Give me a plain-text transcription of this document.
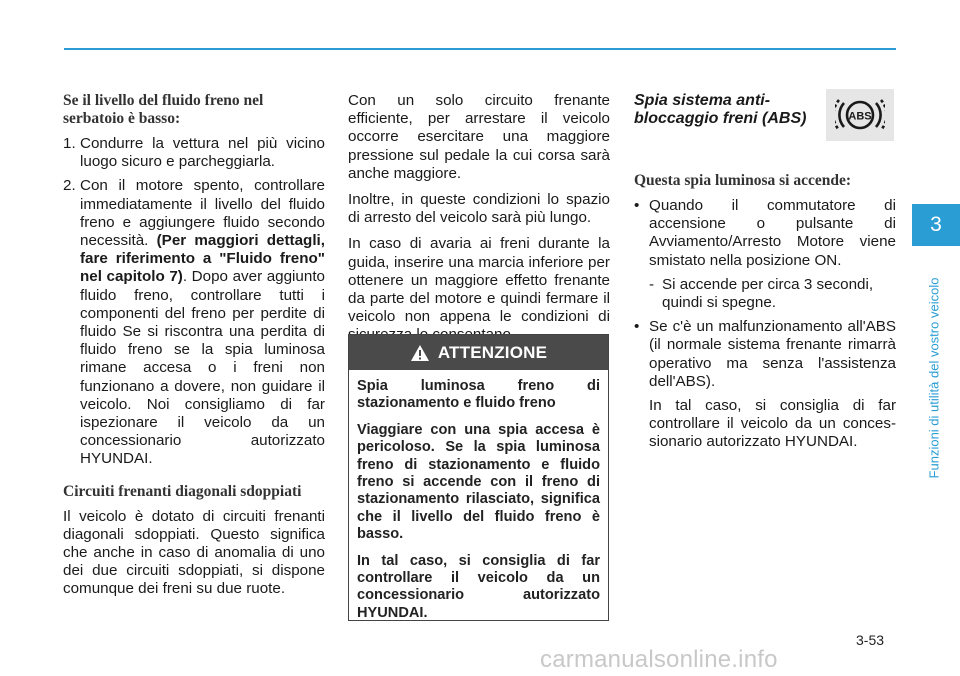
Se il livello del fluido freno nel serbatoio è basso:
1. Condurre la vettura nel più vicino luogo sicuro e parcheggiarla.
2. Con il motore spento, controllare immediatamente il livello del fluido freno e aggiungere fluido secondo necessità. (Per maggiori dettagli, fare riferimento a "Fluido freno" nel capitolo 7). Dopo aver aggiunto fluido freno, controllare tutti i componenti del freno per perdite di fluido Se si riscontra una perdita di fluido freno se la spia luminosa rimane accesa o i freni non funzionano a dovere, non guidare il veicolo. Noi consigliamo di far ispezionare il veicolo da un concessionario autorizzato HYUNDAI.
Circuiti frenanti diagonali sdoppiati

Il veicolo è dotato di circuiti frenanti diagonali sdoppiati. Questo significa che anche in caso di anomalia di uno dei due circuiti sdoppiati, si dispone comunque dei freni su due ruote.

Con un solo circuito frenante efficiente, per arrestare il veicolo occorre esercitare una maggiore pressione sul pedale la cui corsa sarà anche maggiore.

Inoltre, in queste condizioni lo spazio di arresto del veicolo sarà più lungo.

In caso di avaria ai freni durante la guida, inserire una marcia inferiore per ottenere un maggiore effetto frenante da parte del motore e quindi fermare il veicolo non appena le condizioni di

ATTENZIONE

Spia luminosa freno di stazionamento e fluido freno

Viaggiare con una spia accesa è pericoloso. Se la spia luminosa freno di stazionamento e fluido freno si accende con il freno di stazionamento rilasciato, significa che il livello del fluido freno è basso.

In tal caso, si consiglia di far controllare il veicolo da un concessionario autorizzato HYUNDAI.

Spia sistema anti-bloccaggio freni (ABS)
Questa spia luminosa si accende:
• Quando il commutatore di accensione o pulsante di Avviamento/Arresto Motore viene smistato nella posizione ON.
- Si accende per circa 3 secondi, quindi si spegne.
• Se c'è un malfunzionamento all'ABS (il normale sistema frenante rimarrà operativo ma senza l'assistenza dell'ABS).

In tal caso, si consiglia di far controllare il veicolo da un conces-sionario autorizzato HYUNDAI.

ABS
3
Funzioni di utilità del vostro veicolo
3-53
carmanualsonline.info
